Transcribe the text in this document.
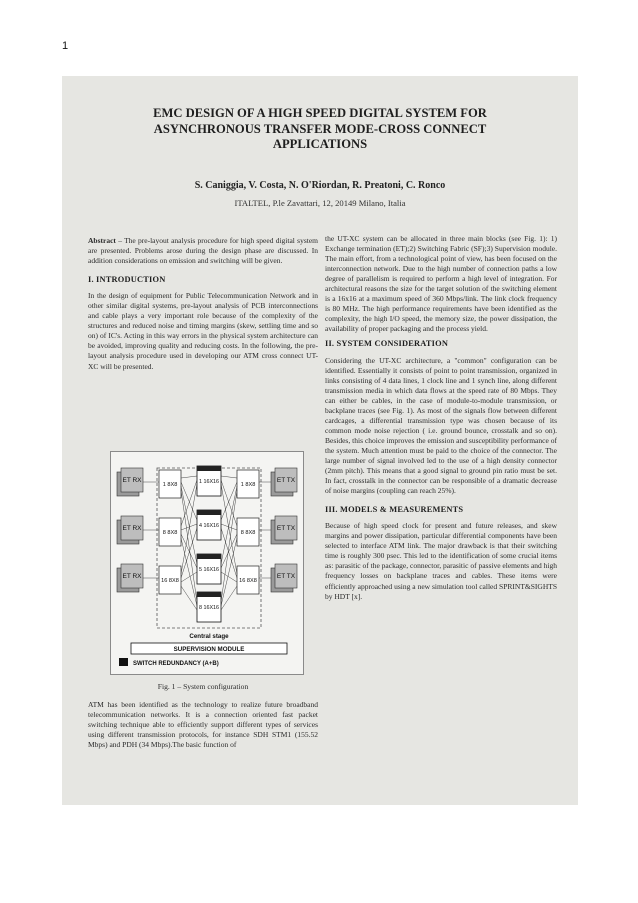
1
EMC DESIGN OF A HIGH SPEED DIGITAL SYSTEM FOR
ASYNCHRONOUS TRANSFER MODE-CROSS CONNECT
APPLICATIONS
S. Caniggia, V. Costa, N. O'Riordan, R. Preatoni, C. Ronco
ITALTEL, P.le Zavattari, 12, 20149 Milano, Italia

Abstract – The pre-layout analysis procedure for high speed digital system are presented. Problems arose during the design phase are discussed. In addition considerations on emission and switching will be given.

I. INTRODUCTION

In the design of equipment for Public Telecommunication Network and in other similar digital systems, pre-layout analysis of PCB interconnections and cable plays a very important role because of the complexity of the structures and reduced noise and timing margins (skew, settling time and so on) of IC's. Acting in this way errors in the physical system architecture can be avoided, improving quality and reducing costs. In the following, the pre-layout analysis procedure used in developing our ATM cross connect UT-XC will be presented.

ET RX
ET RX
ET RX
ET TX
ET TX
ET TX
1 8X8
8 8X8
16 8X8
1 8X8
8 8X8
16 8X8
1 16X16
4 16X16
5 16X16
8 16X16
Central stage
SUPERVISION MODULE
SWITCH REDUNDANCY (A+B)
Fig. 1 – System configuration

ATM has been identified as the technology to realize future broadband telecommunication networks. It is a connection oriented fast packet switching technique able to efficiently support different types of services using different transmission protocols, for instance SDH STM1 (155.52 Mbps) and PDH (34 Mbps).The basic function of

the UT-XC system can be allocated in three main blocks (see Fig. 1): 1) Exchange termination (ET);2) Switching Fabric (SF);3) Supervision module. The main effort, from a technological point of view, has been focused on the interconnection network. Due to the high number of connection paths a low degree of parallelism is required to perform a high level of integration. For architectural reasons the size for the target solution of the switching element is a 16x16 at a maximum speed of 360 Mbps/link. The link clock frequency is 80 MHz. The high performance requirements have been identified as the complexity, the high I/O speed, the memory size, the power dissipation, the availability of proper packaging and the process yield.

II. SYSTEM CONSIDERATION

Considering the UT-XC architecture, a "common" configuration can be identified. Essentially it consists of point to point transmission, organized in links consisting of 4 data lines, 1 clock line and 1 synch line, along different transmission media in which data flows at the speed rate of 80 Mbps. They can either be cables, in the case of module-to-module transmission, or backplane traces (see Fig. 1). As most of the signals flow between different cardcages, a differential transmission type was chosen because of its common mode noise rejection ( i.e. ground bounce, crosstalk and so on). Besides, this choice improves the emission and susceptibility performance of the system. Much attention must be paid to the choice of the connector. The large number of signal involved led to the use of a high density connector (2mm pitch). This means that a good signal to ground pin ratio must be set. In fact, crosstalk in the connector can be responsible of a dramatic decrease of noise margins (coupling can reach 25%).

III. MODELS & MEASUREMENTS

Because of high speed clock for present and future releases, and skew margins and power dissipation, particular differential components have been selected to interface ATM link. The major drawback is that their switching time is roughly 300 psec. This led to the identification of some crucial items as: parasitic of the package, connector, parasitic of passive elements and high frequency losses on backplane traces and cables. These items were efficiently approached using a new simulation tool called SPRINT&SIGHTS by HDT [x].
